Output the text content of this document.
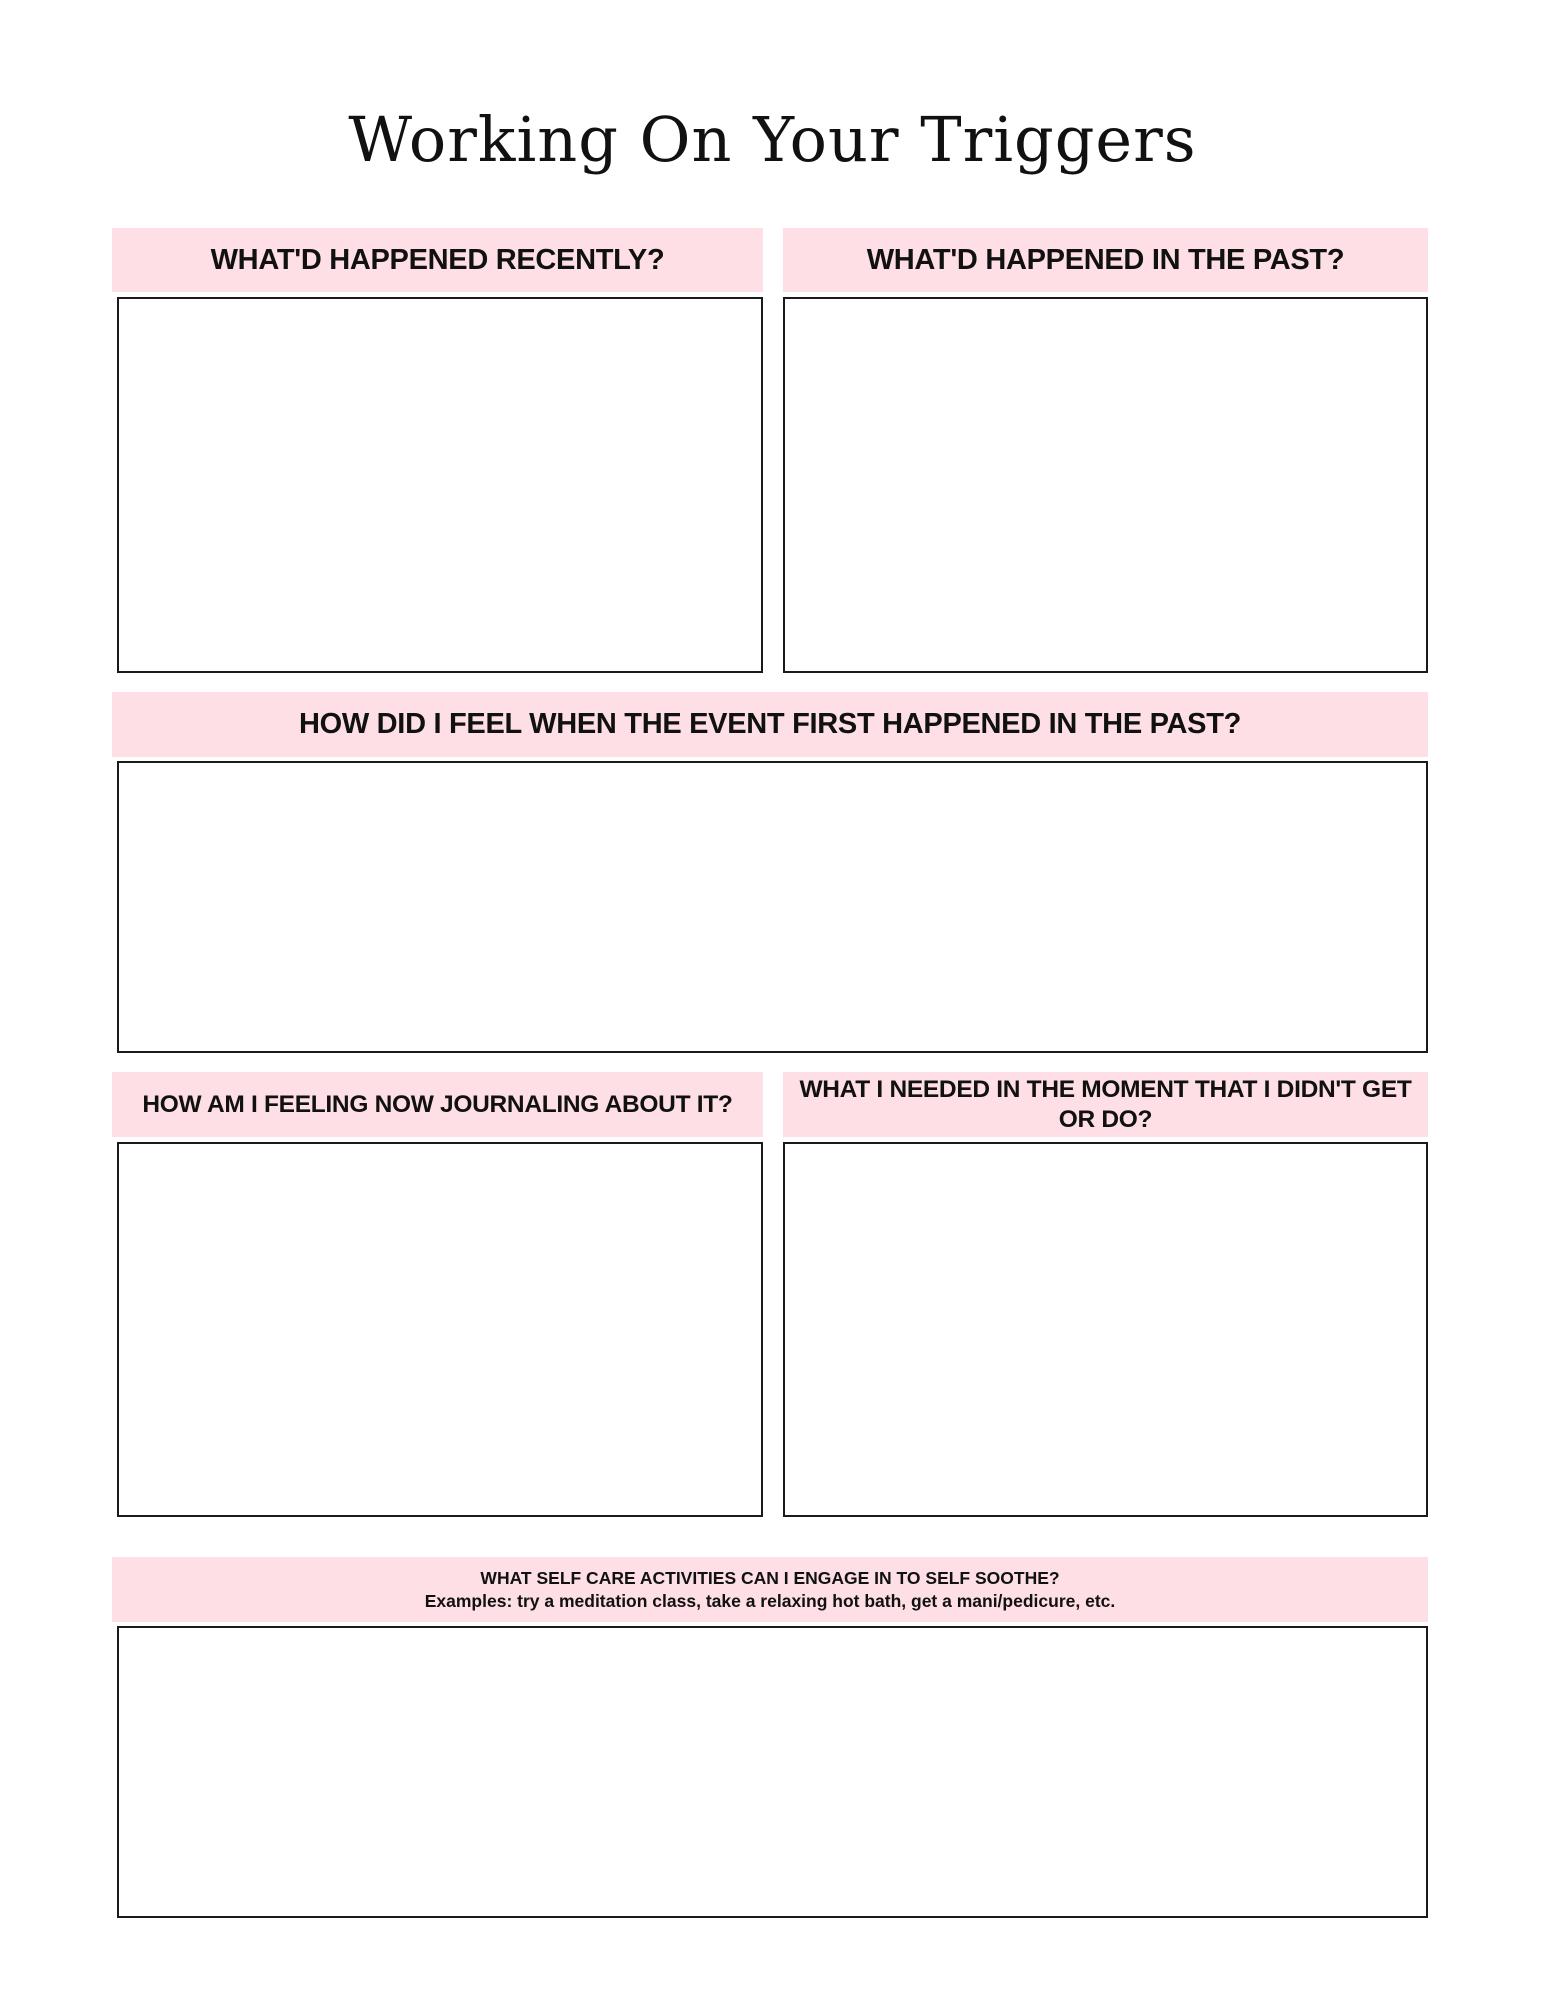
Working On Your Triggers
WHAT'D HAPPENED RECENTLY?	WHAT'D HAPPENED IN THE PAST?
HOW DID I FEEL WHEN THE EVENT FIRST HAPPENED IN THE PAST?
HOW AM I FEELING NOW JOURNALING ABOUT IT?
WHAT I NEEDED IN THE MOMENT THAT I DIDN'T GET OR DO?
WHAT SELF CARE ACTIVITIES CAN I ENGAGE IN TO SELF SOOTHE?
Examples: try a meditation class, take a relaxing hot bath, get a mani/pedicure, etc.
